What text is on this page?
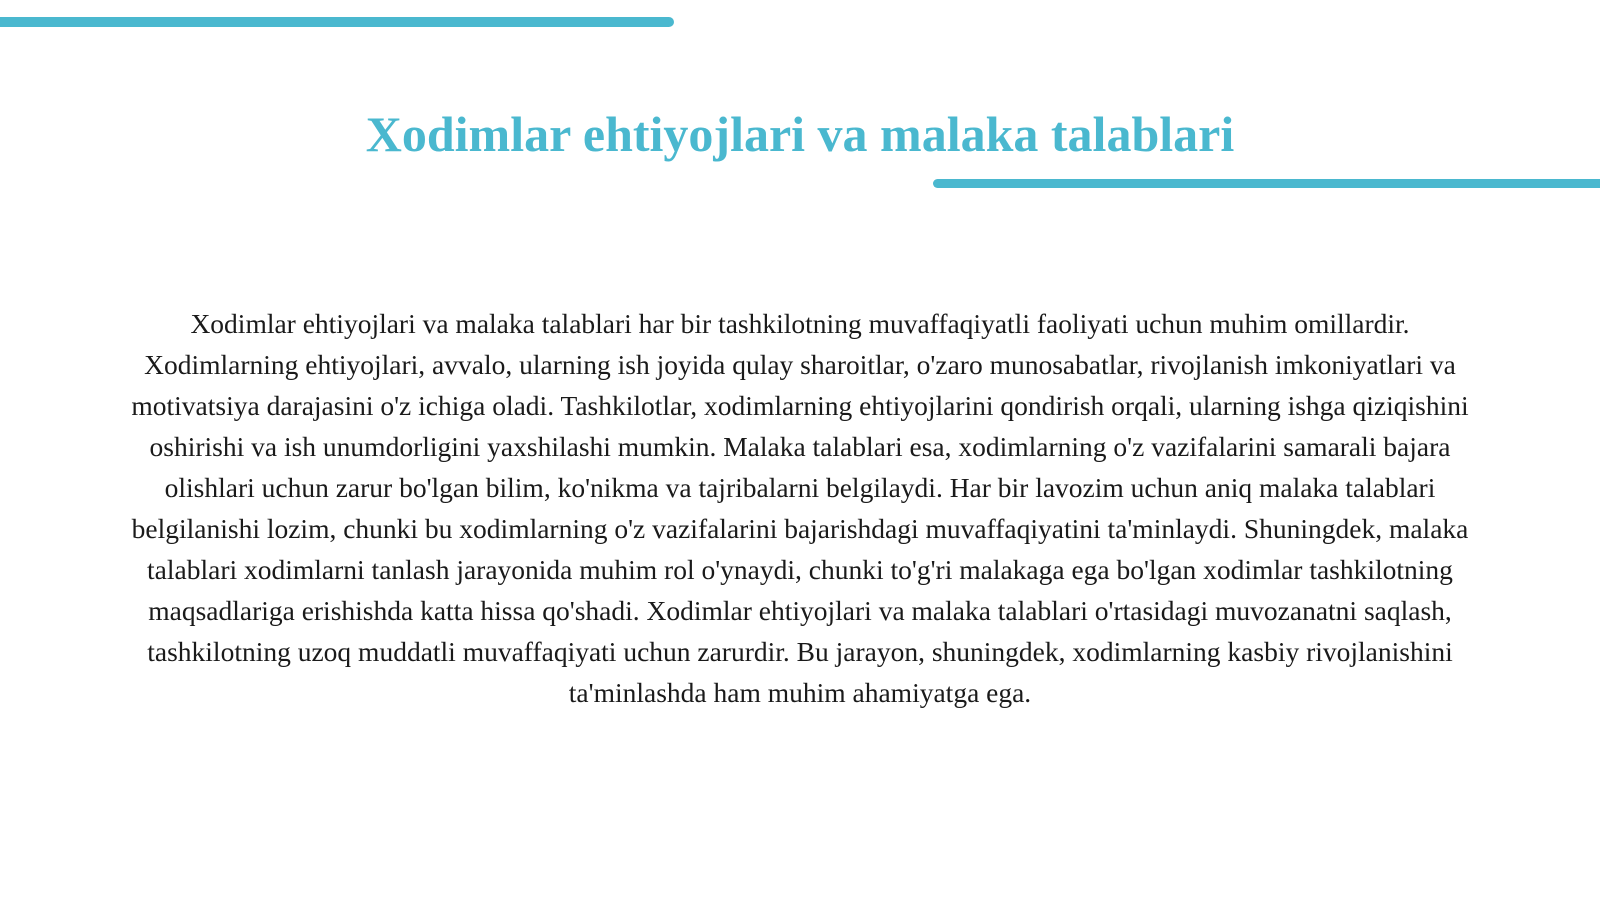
Xodimlar ehtiyojlari va malaka talablari

Xodimlar ehtiyojlari va malaka talablari har bir tashkilotning muvaffaqiyatli faoliyati uchun muhim omillardir. Xodimlarning ehtiyojlari, avvalo, ularning ish joyida qulay sharoitlar, o'zaro munosabatlar, rivojlanish imkoniyatlari va motivatsiya darajasini o'z ichiga oladi. Tashkilotlar, xodimlarning ehtiyojlarini qondirish orqali, ularning ishga qiziqishini oshirishi va ish unumdorligini yaxshilashi mumkin. Malaka talablari esa, xodimlarning o'z vazifalarini samarali bajara olishlari uchun zarur bo'lgan bilim, ko'nikma va tajribalarni belgilaydi. Har bir lavozim uchun aniq malaka talablari belgilanishi lozim, chunki bu xodimlarning o'z vazifalarini bajarishdagi muvaffaqiyatini ta'minlaydi. Shuningdek, malaka talablari xodimlarni tanlash jarayonida muhim rol o'ynaydi, chunki to'g'ri malakaga ega bo'lgan xodimlar tashkilotning maqsadlariga erishishda katta hissa qo'shadi. Xodimlar ehtiyojlari va malaka talablari o'rtasidagi muvozanatni saqlash, tashkilotning uzoq muddatli muvaffaqiyati uchun zarurdir. Bu jarayon, shuningdek, xodimlarning kasbiy rivojlanishini ta'minlashda ham muhim ahamiyatga ega.
